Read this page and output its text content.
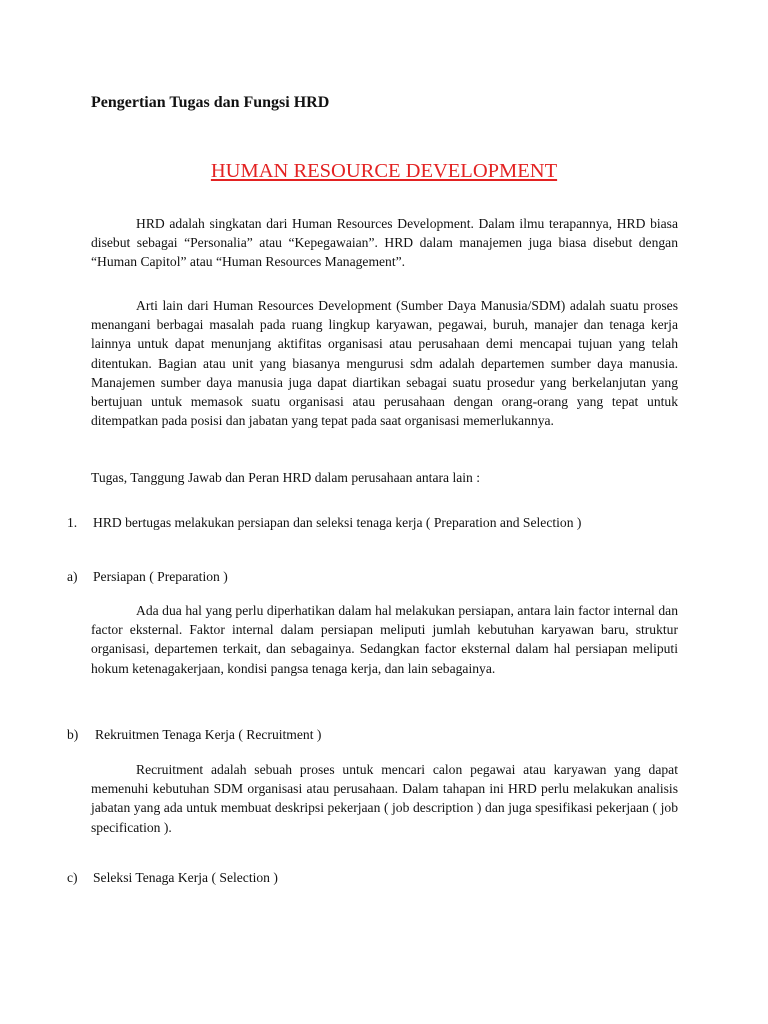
Pengertian Tugas dan Fungsi HRD
HUMAN RESOURCE DEVELOPMENT

HRD adalah singkatan dari Human Resources Development. Dalam ilmu terapannya, HRD biasa disebut sebagai “Personalia” atau “Kepegawaian”. HRD dalam manajemen juga biasa disebut dengan “Human Capitol” atau “Human Resources Management”.

Arti lain dari Human Resources Development (Sumber Daya Manusia/SDM) adalah suatu proses menangani berbagai masalah pada ruang lingkup karyawan, pegawai, buruh, manajer dan tenaga kerja lainnya untuk dapat menunjang aktifitas organisasi atau perusahaan demi mencapai tujuan yang telah ditentukan. Bagian atau unit yang biasanya mengurusi sdm adalah departemen sumber daya manusia. Manajemen sumber daya manusia juga dapat diartikan sebagai suatu prosedur yang berkelanjutan yang bertujuan untuk memasok suatu organisasi atau perusahaan dengan orang-orang yang tepat untuk ditempatkan pada posisi dan jabatan yang tepat pada saat organisasi memerlukannya.

Tugas, Tanggung Jawab dan Peran HRD dalam perusahaan antara lain :

1. HRD bertugas melakukan persiapan dan seleksi tenaga kerja ( Preparation and Selection )

a) Persiapan ( Preparation )

Ada dua hal yang perlu diperhatikan dalam hal melakukan persiapan, antara lain factor internal dan factor eksternal. Faktor internal dalam persiapan meliputi jumlah kebutuhan karyawan baru, struktur organisasi, departemen terkait, dan sebagainya. Sedangkan factor eksternal dalam hal persiapan meliputi hokum ketenagakerjaan, kondisi pangsa tenaga kerja, dan lain sebagainya.

b) Rekruitmen Tenaga Kerja ( Recruitment )

Recruitment adalah sebuah proses untuk mencari calon pegawai atau karyawan yang dapat memenuhi kebutuhan SDM organisasi atau perusahaan. Dalam tahapan ini HRD perlu melakukan analisis jabatan yang ada untuk membuat deskripsi pekerjaan ( job description ) dan juga spesifikasi pekerjaan ( job specification ).

c) Seleksi Tenaga Kerja ( Selection )
